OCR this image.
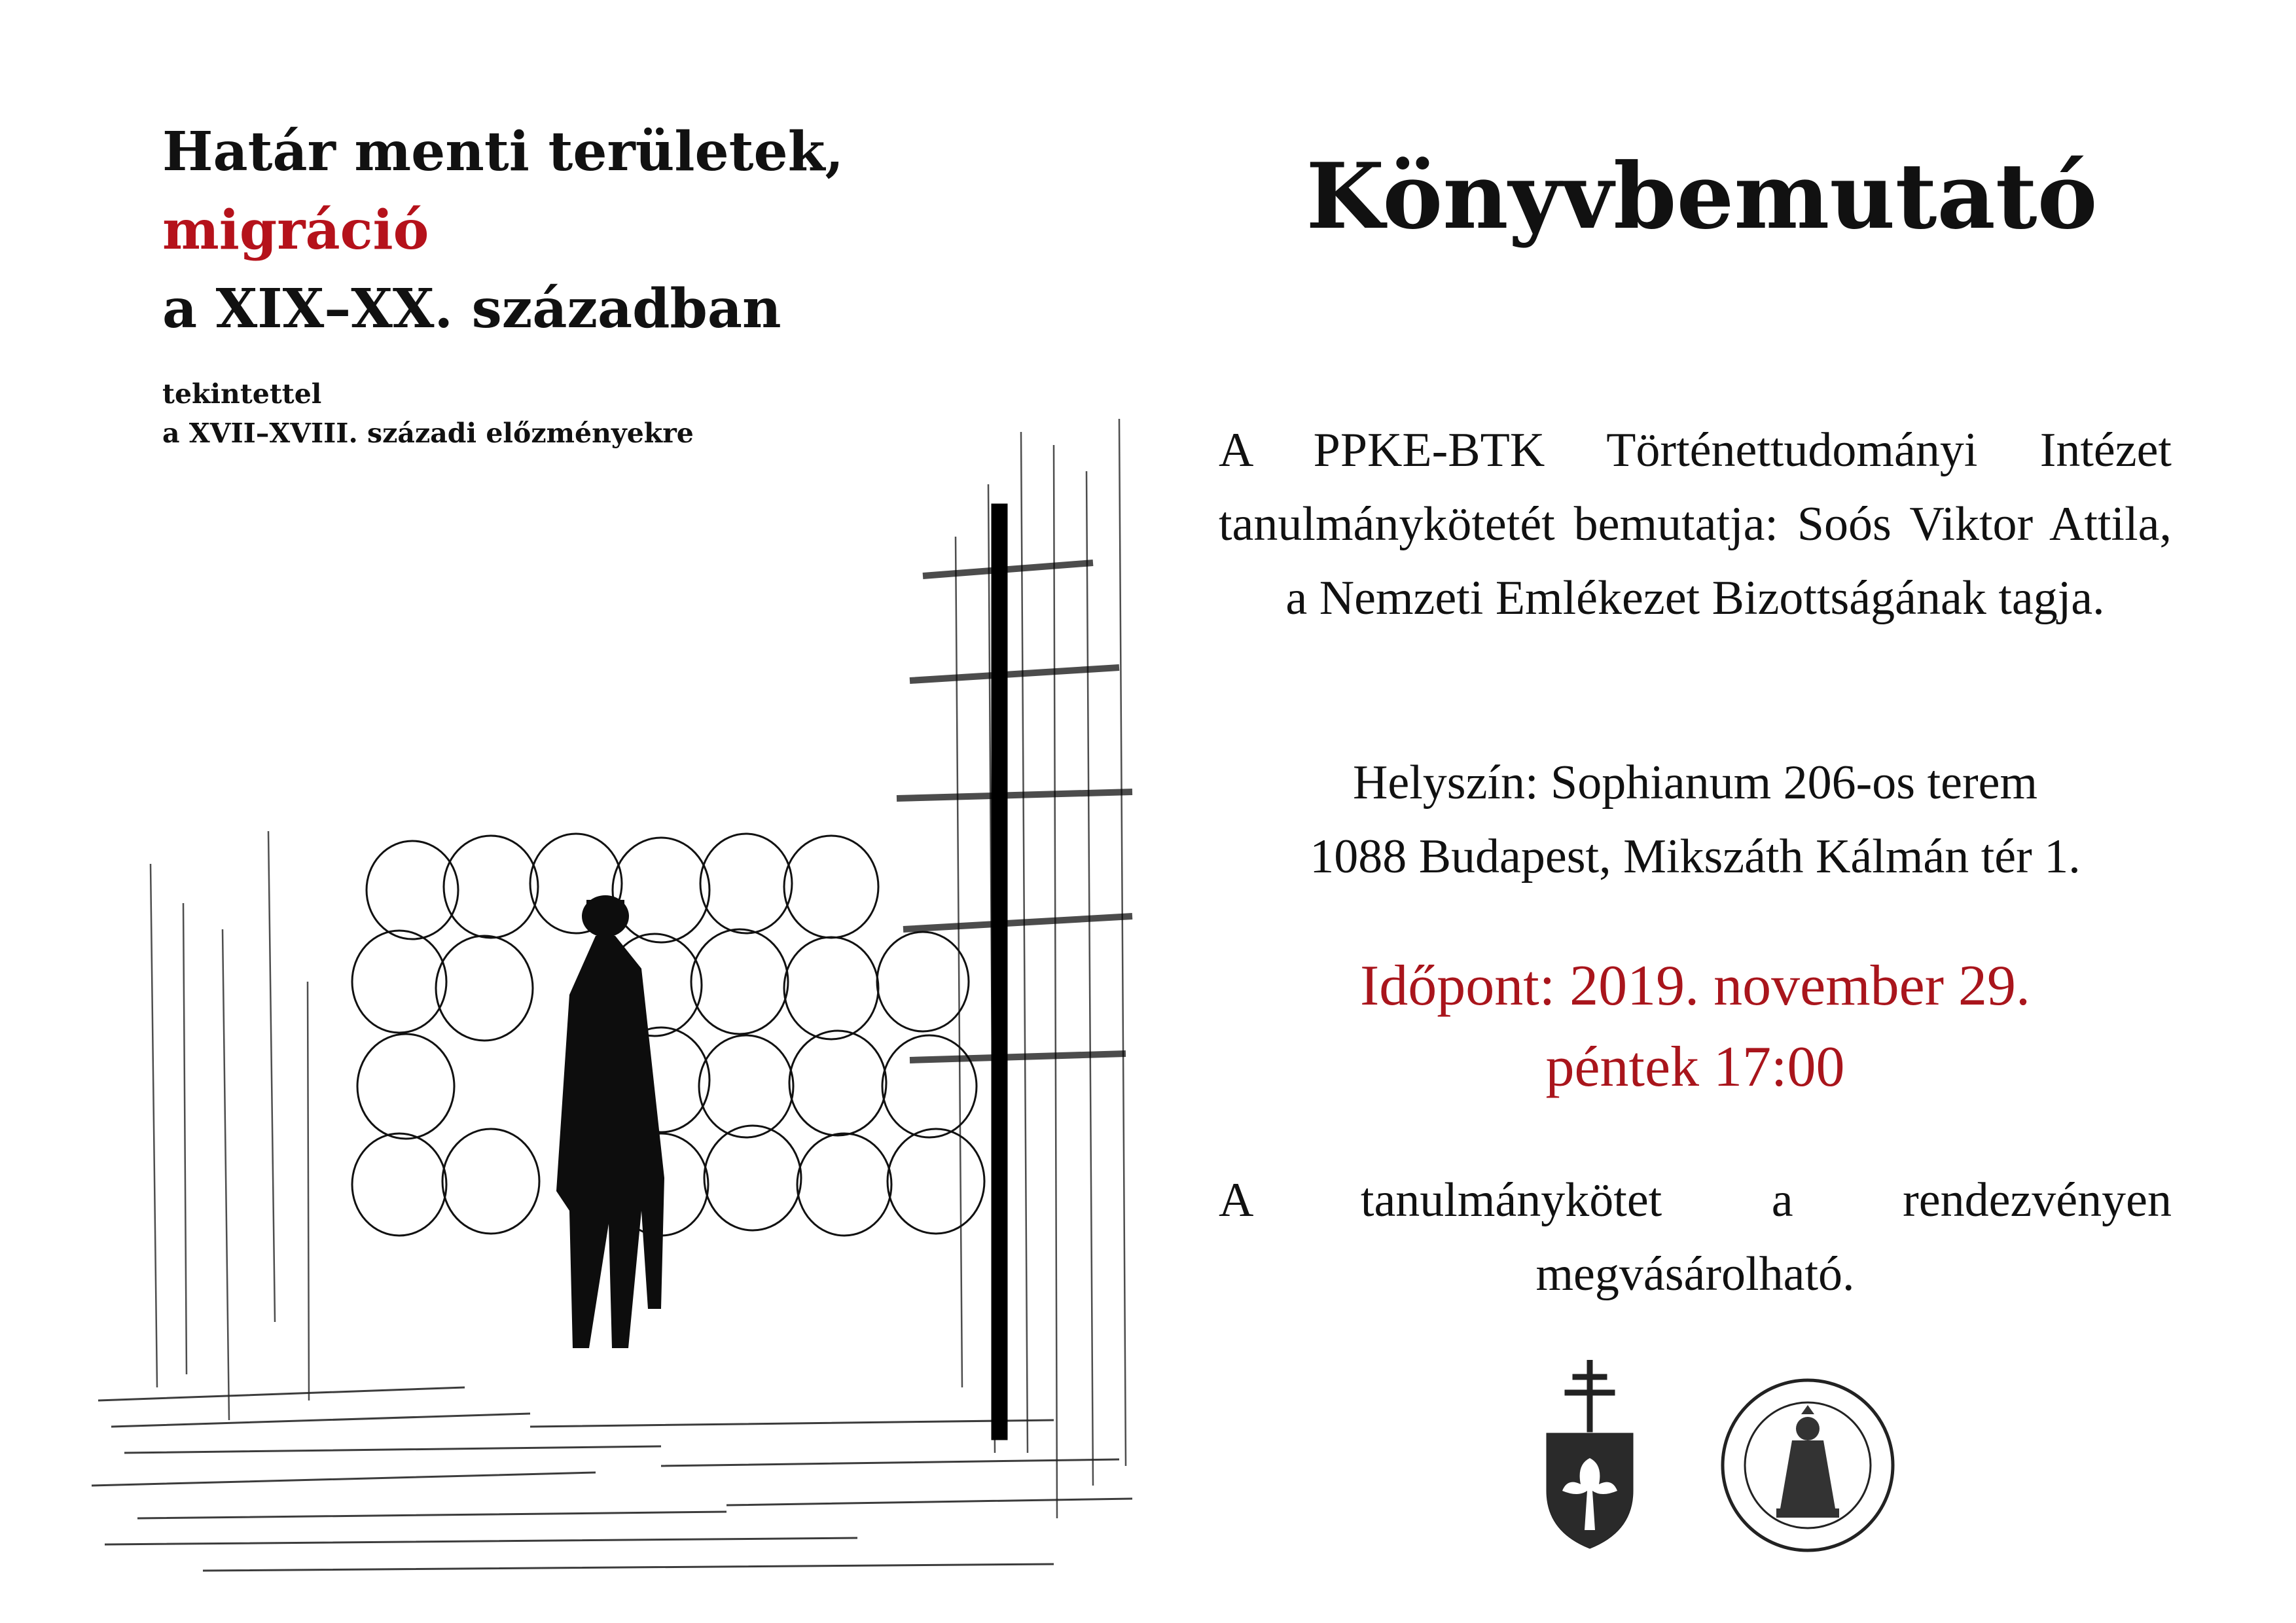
Határ menti területek,
migráció
a XIX–XX. században
tekintettel
a XVII–XVIII. századi előzményekre
Könyvbemutató
A PPKE-BTK Történettudományi Intézet tanulmánykötetét bemutatja: Soós Viktor Attila, a Nemzeti Emlékezet Bizottságának tagja.
Helyszín: Sophianum 206-os terem
1088 Budapest, Mikszáth Kálmán tér 1.
Időpont: 2019. november 29.
péntek 17:00
A tanulmánykötet a rendezvényen megvásárolható.
